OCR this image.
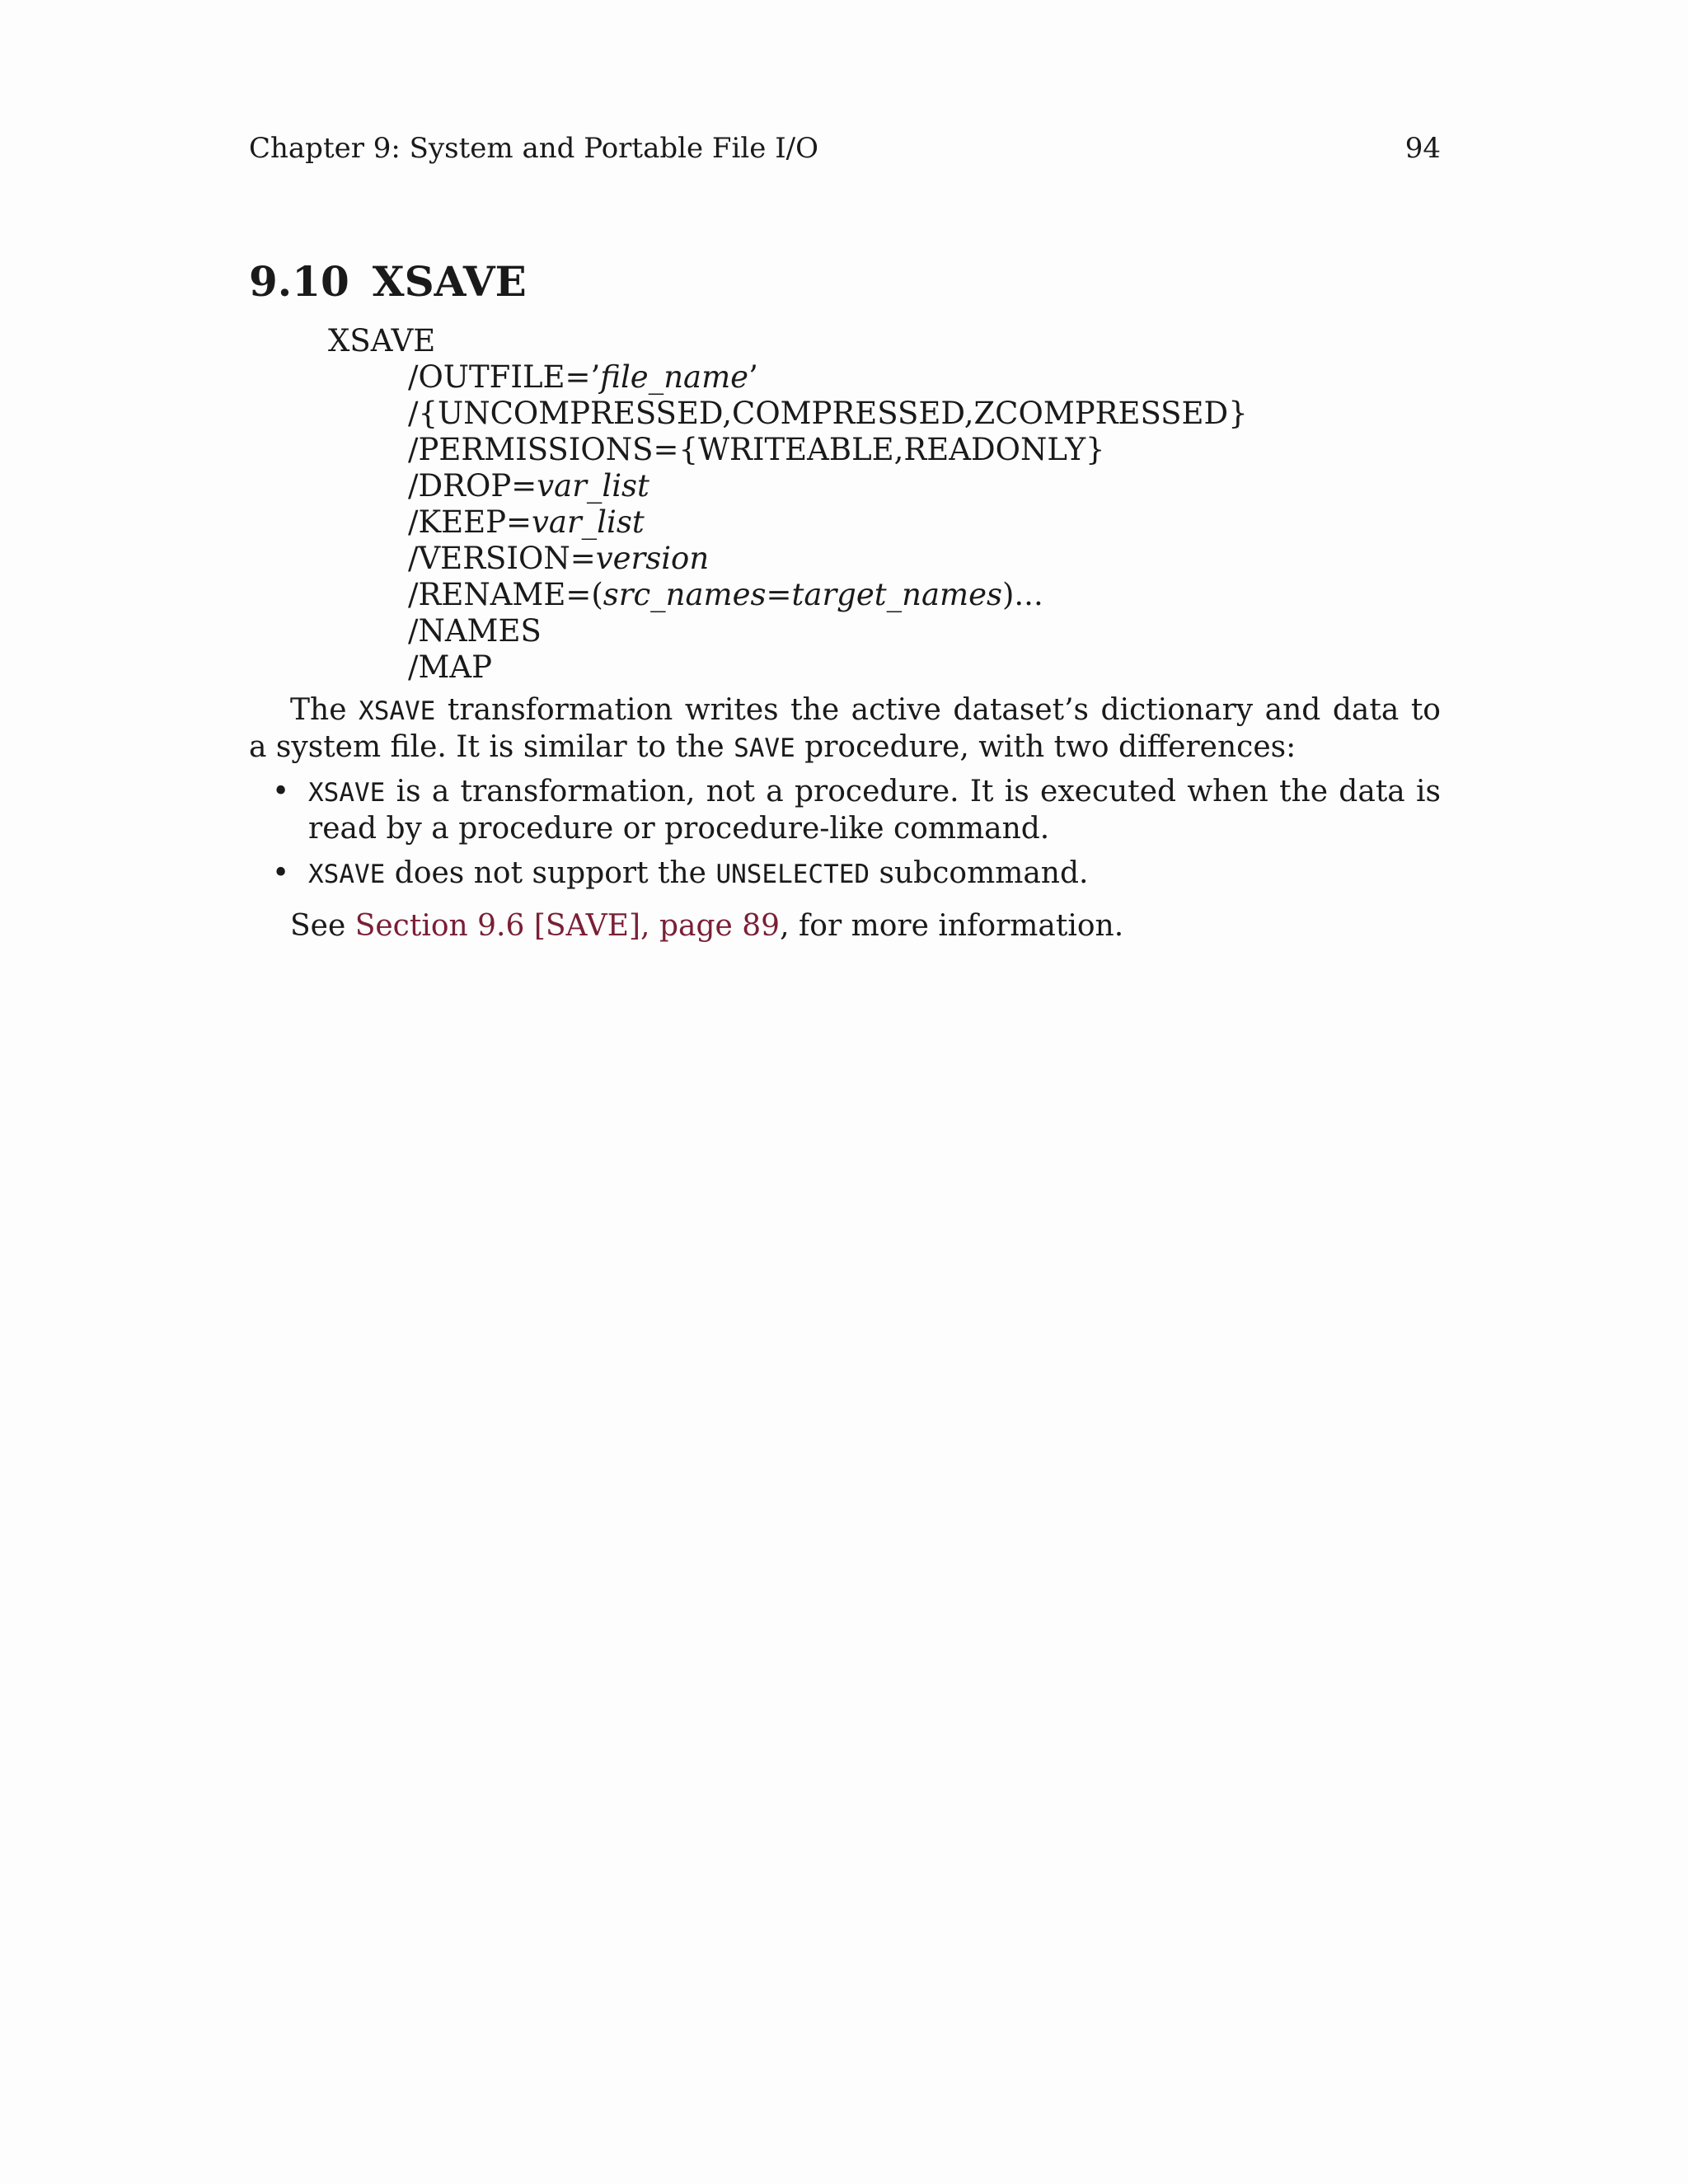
Chapter 9: System and Portable File I/O	94
9.10 XSAVE
XSAVE
/OUTFILE=’file_name’
/{UNCOMPRESSED,COMPRESSED,ZCOMPRESSED}
/PERMISSIONS={WRITEABLE,READONLY}
/DROP=var_list
/KEEP=var_list
/VERSION=version
/RENAME=(src_names=target_names)...
/NAMES
/MAP

The XSAVE transformation writes the active dataset’s dictionary and data to a system file. It is similar to the SAVE procedure, with two differences:

• XSAVE is a transformation, not a procedure. It is executed when the data is read by a procedure or procedure-like command.
• XSAVE does not support the UNSELECTED subcommand.

See Section 9.6 [SAVE], page 89, for more information.
